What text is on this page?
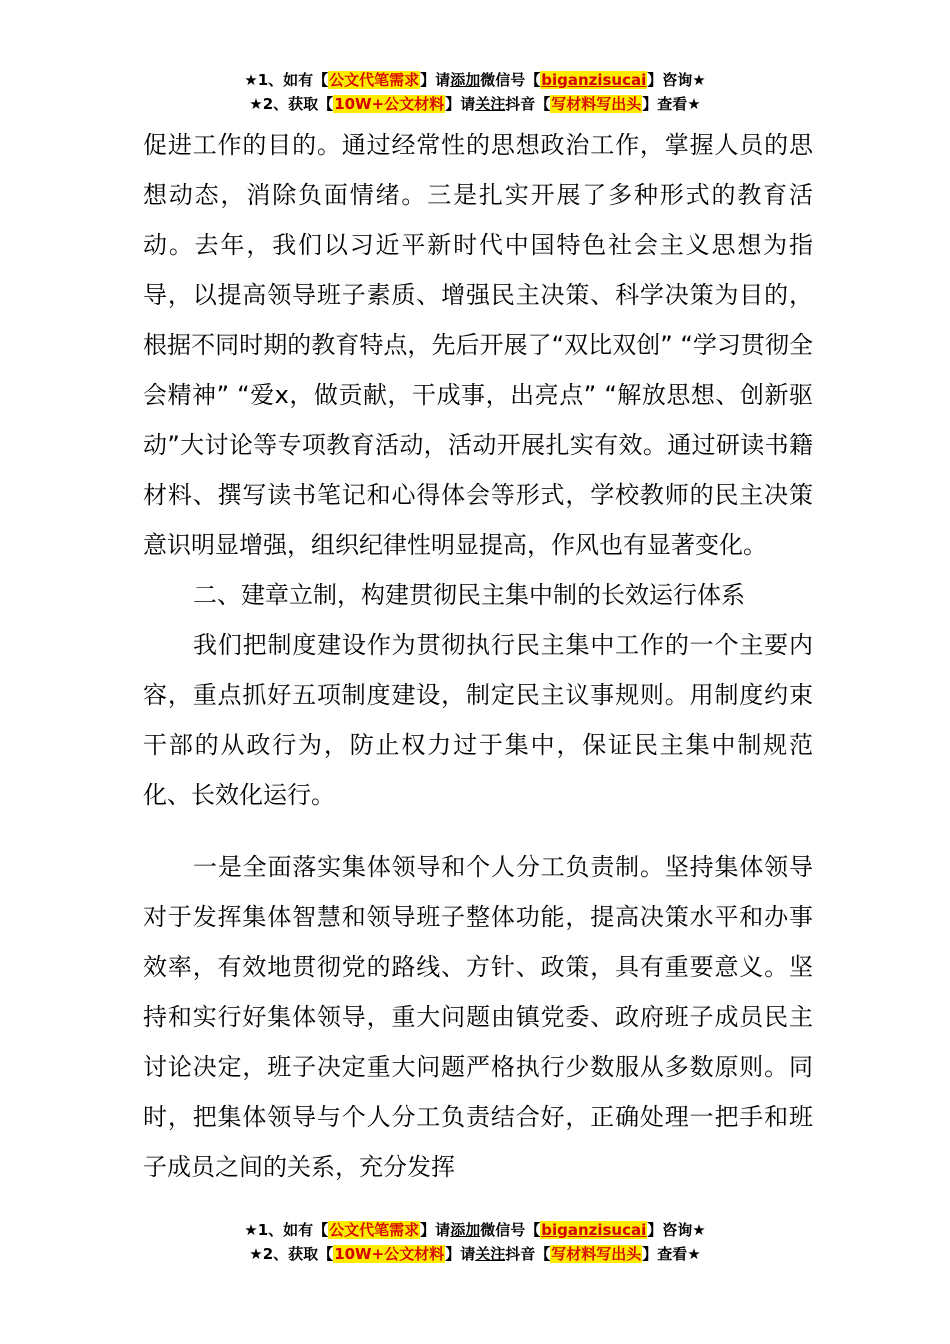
★1、如有【公文代笔需求】请添加微信号【biganzisucai】咨询★
★2、获取【10W+公文材料】请关注抖音【写材料写出头】查看★

促进工作的目的。通过经常性的思想政治工作，掌握人员的思想动态，消除负面情绪。三是扎实开展了多种形式的教育活动。去年，我们以习近平新时代中国特色社会主义思想为指导，以提高领导班子素质、增强民主决策、科学决策为目的，根据不同时期的教育特点，先后开展了“双比双创” “学习贯彻全会精神” “爱x，做贡献，干成事，出亮点” “解放思想、创新驱动”大讨论等专项教育活动，活动开展扎实有效。通过研读书籍材料、撰写读书笔记和心得体会等形式，学校教师的民主决策意识明显增强，组织纪律性明显提高，作风也有显著变化。

二、建章立制，构建贯彻民主集中制的长效运行体系

我们把制度建设作为贯彻执行民主集中工作的一个主要内容，重点抓好五项制度建设，制定民主议事规则。用制度约束干部的从政行为，防止权力过于集中，保证民主集中制规范化、长效化运行。

一是全面落实集体领导和个人分工负责制。坚持集体领导对于发挥集体智慧和领导班子整体功能，提高决策水平和办事效率，有效地贯彻党的路线、方针、政策，具有重要意义。坚持和实行好集体领导，重大问题由镇党委、政府班子成员民主讨论决定，班子决定重大问题严格执行少数服从多数原则。同时，把集体领导与个人分工负责结合好，正确处理一把手和班子成员之间的关系，充分发挥

★1、如有【公文代笔需求】请添加微信号【biganzisucai】咨询★
★2、获取【10W+公文材料】请关注抖音【写材料写出头】查看★
